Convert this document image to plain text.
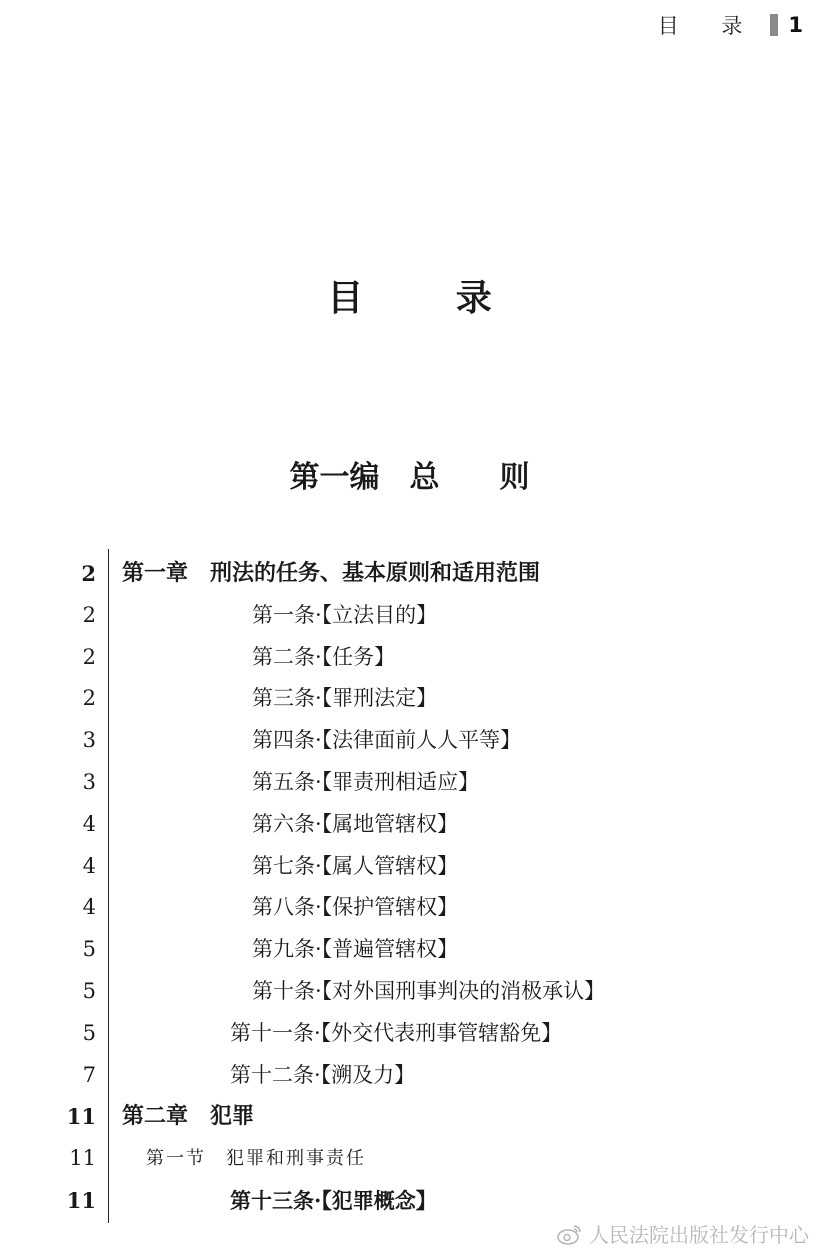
目 录 1
目 录
第一编　总　　则
2 第一章　刑法的任务、基本原则和适用范围
2	第一条·【立法目的】
2	第二条·【任务】
2	第三条·【罪刑法定】
3	第四条·【法律面前人人平等】
3	第五条·【罪责刑相适应】
4	第六条·【属地管辖权】
4	第七条·【属人管辖权】
4	第八条·【保护管辖权】
5	第九条·【普遍管辖权】
5	第十条·【对外国刑事判决的消极承认】
5	第十一条·【外交代表刑事管辖豁免】
7	第十二条·【溯及力】
11 第二章　犯罪
11	第一节　犯罪和刑事责任
11	第十三条·【犯罪概念】
人民法院出版社发行中心
